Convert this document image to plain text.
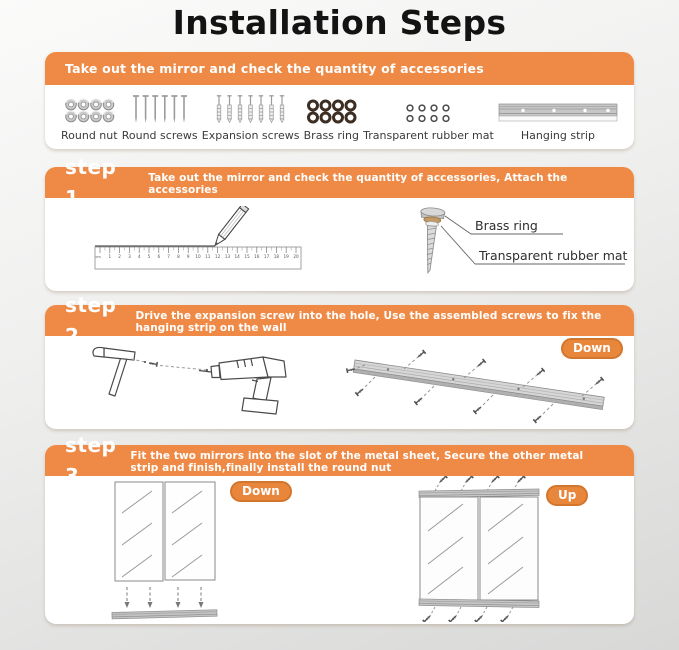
Installation Steps
Take out the mirror and check the quantity of accessories
Round nut Round screws Expansion screws Brass ring Transparent rubber mat Hanging strip
step 1
Take out the mirror and check the quantity of accessories, Attach the accessories
1 2 3 4 5 6 7 8 9 10 11 12 13 14 15 16 17 18 19 20
cm
Brass ring
Transparent rubber mat
step 2
Drive the expansion screw into the hole, Use the assembled screws to fix the hanging strip on the wall
Down
step 3
Fit the two mirrors into the slot of the metal sheet, Secure the other metal strip and finish,finally install the round nut
Down	Up
